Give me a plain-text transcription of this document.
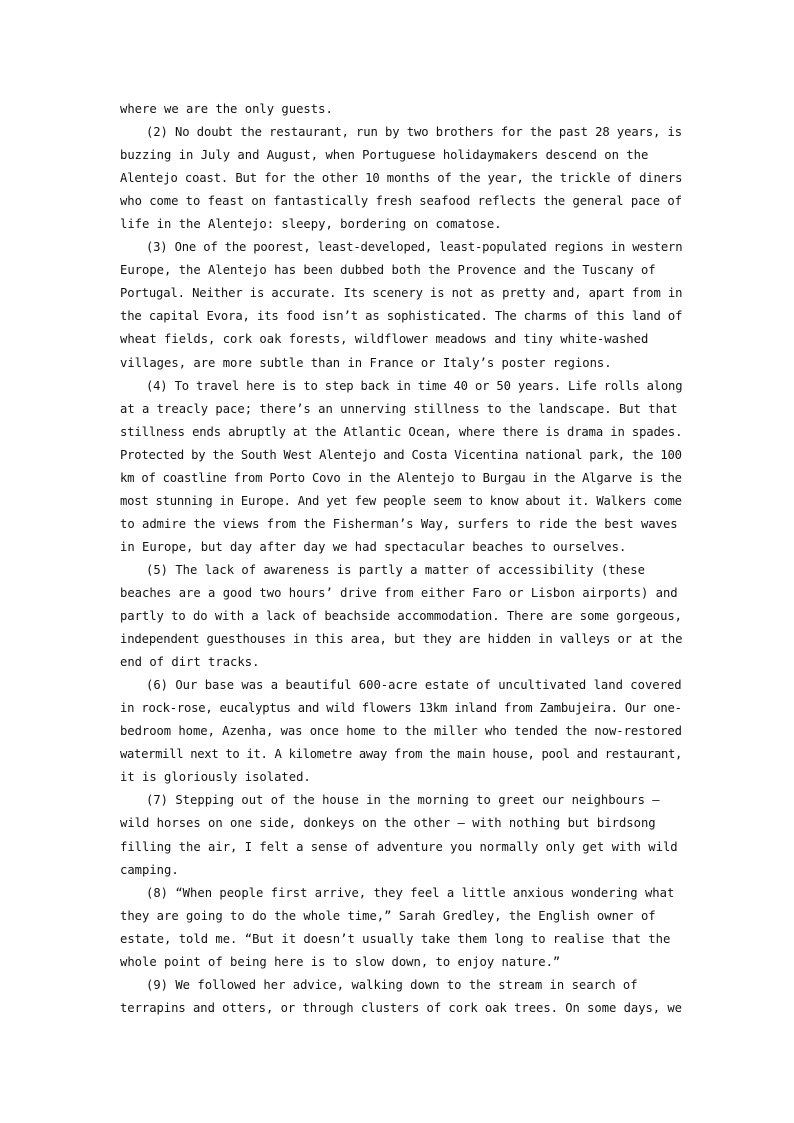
where we are the only guests.
(2) No doubt the restaurant, run by two brothers for the past 28 years, is
buzzing in July and August, when Portuguese holidaymakers descend on the
Alentejo coast. But for the other 10 months of the year, the trickle of diners
who come to feast on fantastically fresh seafood reflects the general pace of
life in the Alentejo: sleepy, bordering on comatose.
(3) One of the poorest, least-developed, least-populated regions in western
Europe, the Alentejo has been dubbed both the Provence and the Tuscany of
Portugal. Neither is accurate. Its scenery is not as pretty and, apart from in
the capital Evora, its food isn’t as sophisticated. The charms of this land of
wheat fields, cork oak forests, wildflower meadows and tiny white-washed
villages, are more subtle than in France or Italy’s poster regions.
(4) To travel here is to step back in time 40 or 50 years. Life rolls along
at a treacly pace; there’s an unnerving stillness to the landscape. But that
stillness ends abruptly at the Atlantic Ocean, where there is drama in spades.
Protected by the South West Alentejo and Costa Vicentina national park, the 100
km of coastline from Porto Covo in the Alentejo to Burgau in the Algarve is the
most stunning in Europe. And yet few people seem to know about it. Walkers come
to admire the views from the Fisherman’s Way, surfers to ride the best waves
in Europe, but day after day we had spectacular beaches to ourselves.
(5) The lack of awareness is partly a matter of accessibility (these
beaches are a good two hours’ drive from either Faro or Lisbon airports) and
partly to do with a lack of beachside accommodation. There are some gorgeous,
independent guesthouses in this area, but they are hidden in valleys or at the
end of dirt tracks.
(6) Our base was a beautiful 600-acre estate of uncultivated land covered
in rock-rose, eucalyptus and wild flowers 13km inland from Zambujeira. Our one-
bedroom home, Azenha, was once home to the miller who tended the now-restored
watermill next to it. A kilometre away from the main house, pool and restaurant,
it is gloriously isolated.
(7) Stepping out of the house in the morning to greet our neighbours –
wild horses on one side, donkeys on the other – with nothing but birdsong
filling the air, I felt a sense of adventure you normally only get with wild
camping.
(8) “When people first arrive, they feel a little anxious wondering what
they are going to do the whole time,” Sarah Gredley, the English owner of
estate, told me. “But it doesn’t usually take them long to realise that the
whole point of being here is to slow down, to enjoy nature.”
(9) We followed her advice, walking down to the stream in search of
terrapins and otters, or through clusters of cork oak trees. On some days, we
